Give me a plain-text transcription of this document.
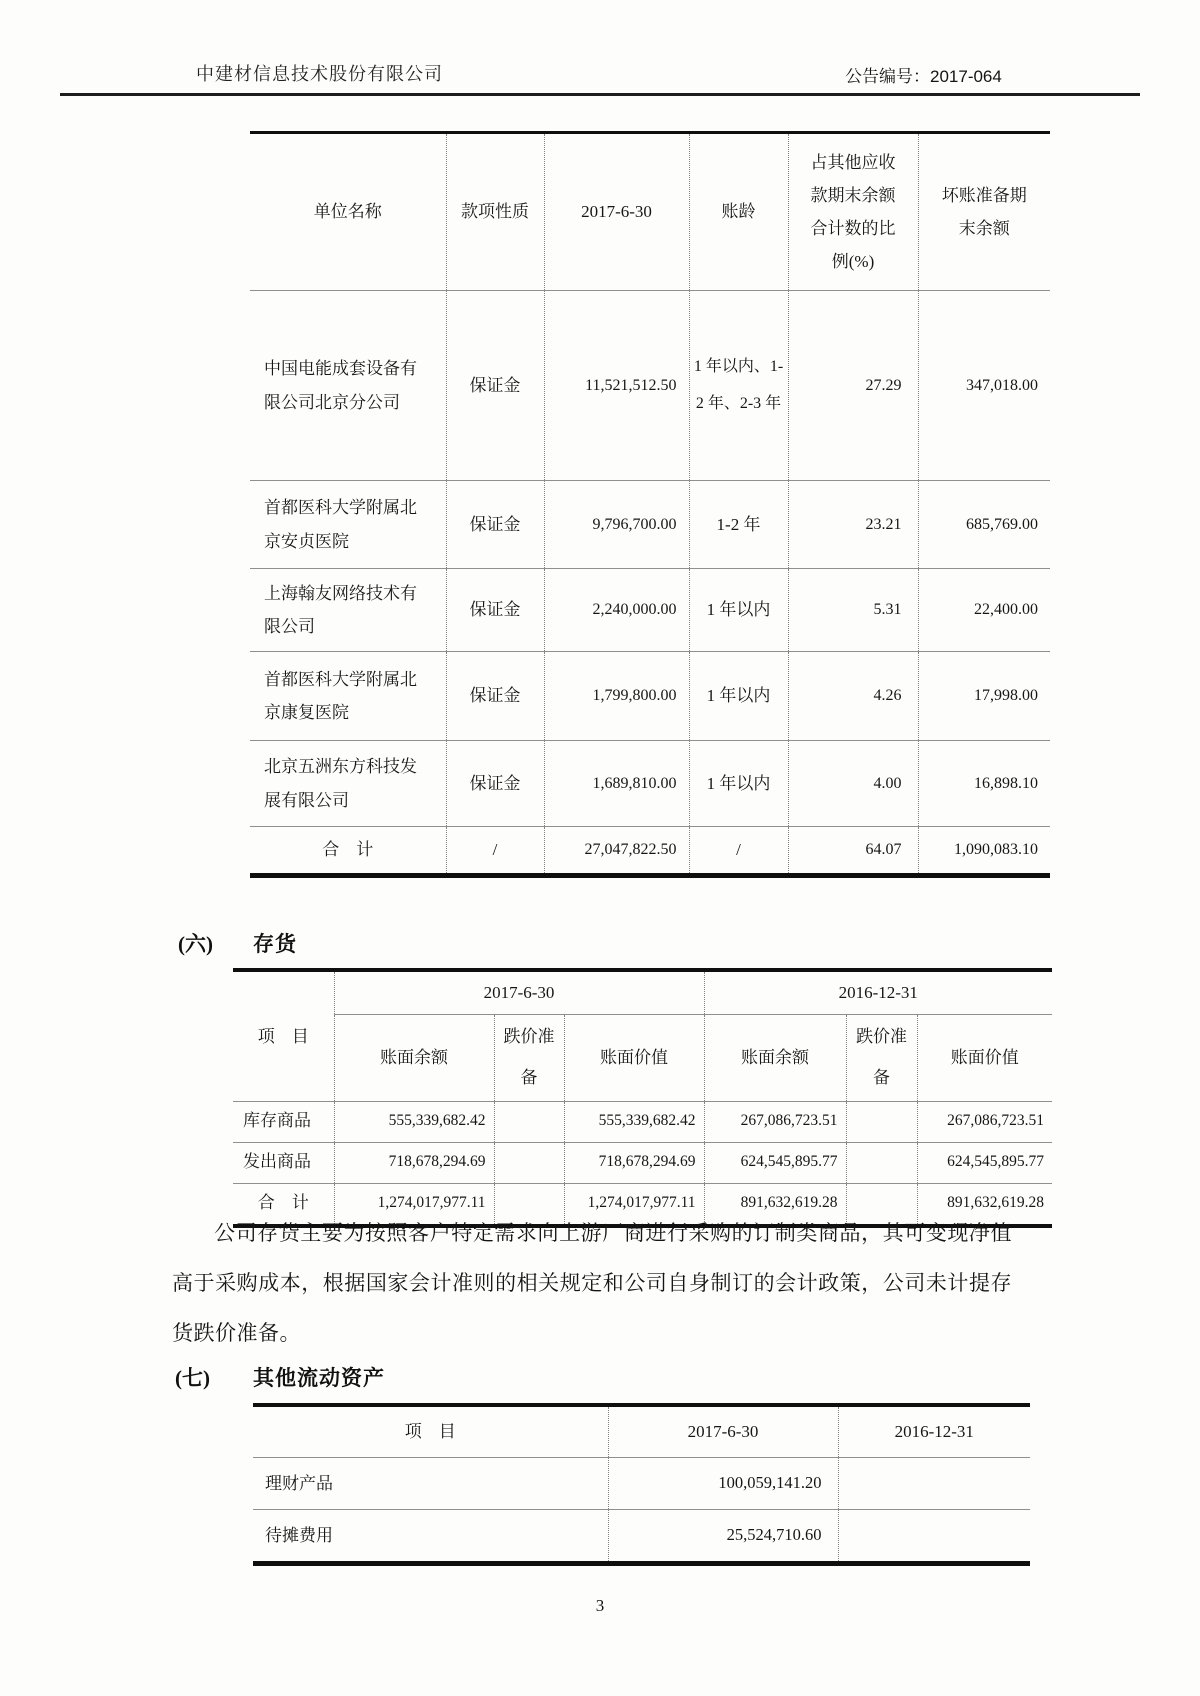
中建材信息技术股份有限公司	公告编号：2017-064
单位名称	款项性质	2017-6-30	账龄	占其他应收款期末余额合计数的比例(%)	坏账准备期末余额
中国电能成套设备有限公司北京分公司	保证金	11,521,512.50	1 年以内、1-2 年、2-3 年	27.29	347,018.00
首都医科大学附属北京安贞医院	保证金	9,796,700.00	1-2 年	23.21	685,769.00
上海翰友网络技术有限公司	保证金	2,240,000.00	1 年以内	5.31	22,400.00
首都医科大学附属北京康复医院	保证金	1,799,800.00	1 年以内	4.26	17,998.00
北京五洲东方科技发展有限公司	保证金	1,689,810.00	1 年以内	4.00	16,898.10
合　计	/	27,047,822.50	/	64.07	1,090,083.10
(六) 存货
项　目	2017-6-30			2016-12-31		
	账面余额	跌价准备	账面价值	账面余额	跌价准备	账面价值
库存商品	555,339,682.42		555,339,682.42	267,086,723.51		267,086,723.51
发出商品	718,678,294.69		718,678,294.69	624,545,895.77		624,545,895.77
合　计	1,274,017,977.11		1,274,017,977.11	891,632,619.28		891,632,619.28
公司存货主要为按照客户特定需求向上游厂商进行采购的订制类商品，其可变现净值高于采购成本，根据国家会计准则的相关规定和公司自身制订的会计政策，公司未计提存货跌价准备。
(七) 其他流动资产
项　目	2017-6-30	2016-12-31
理财产品	100,059,141.20	
待摊费用	25,524,710.60	
3
